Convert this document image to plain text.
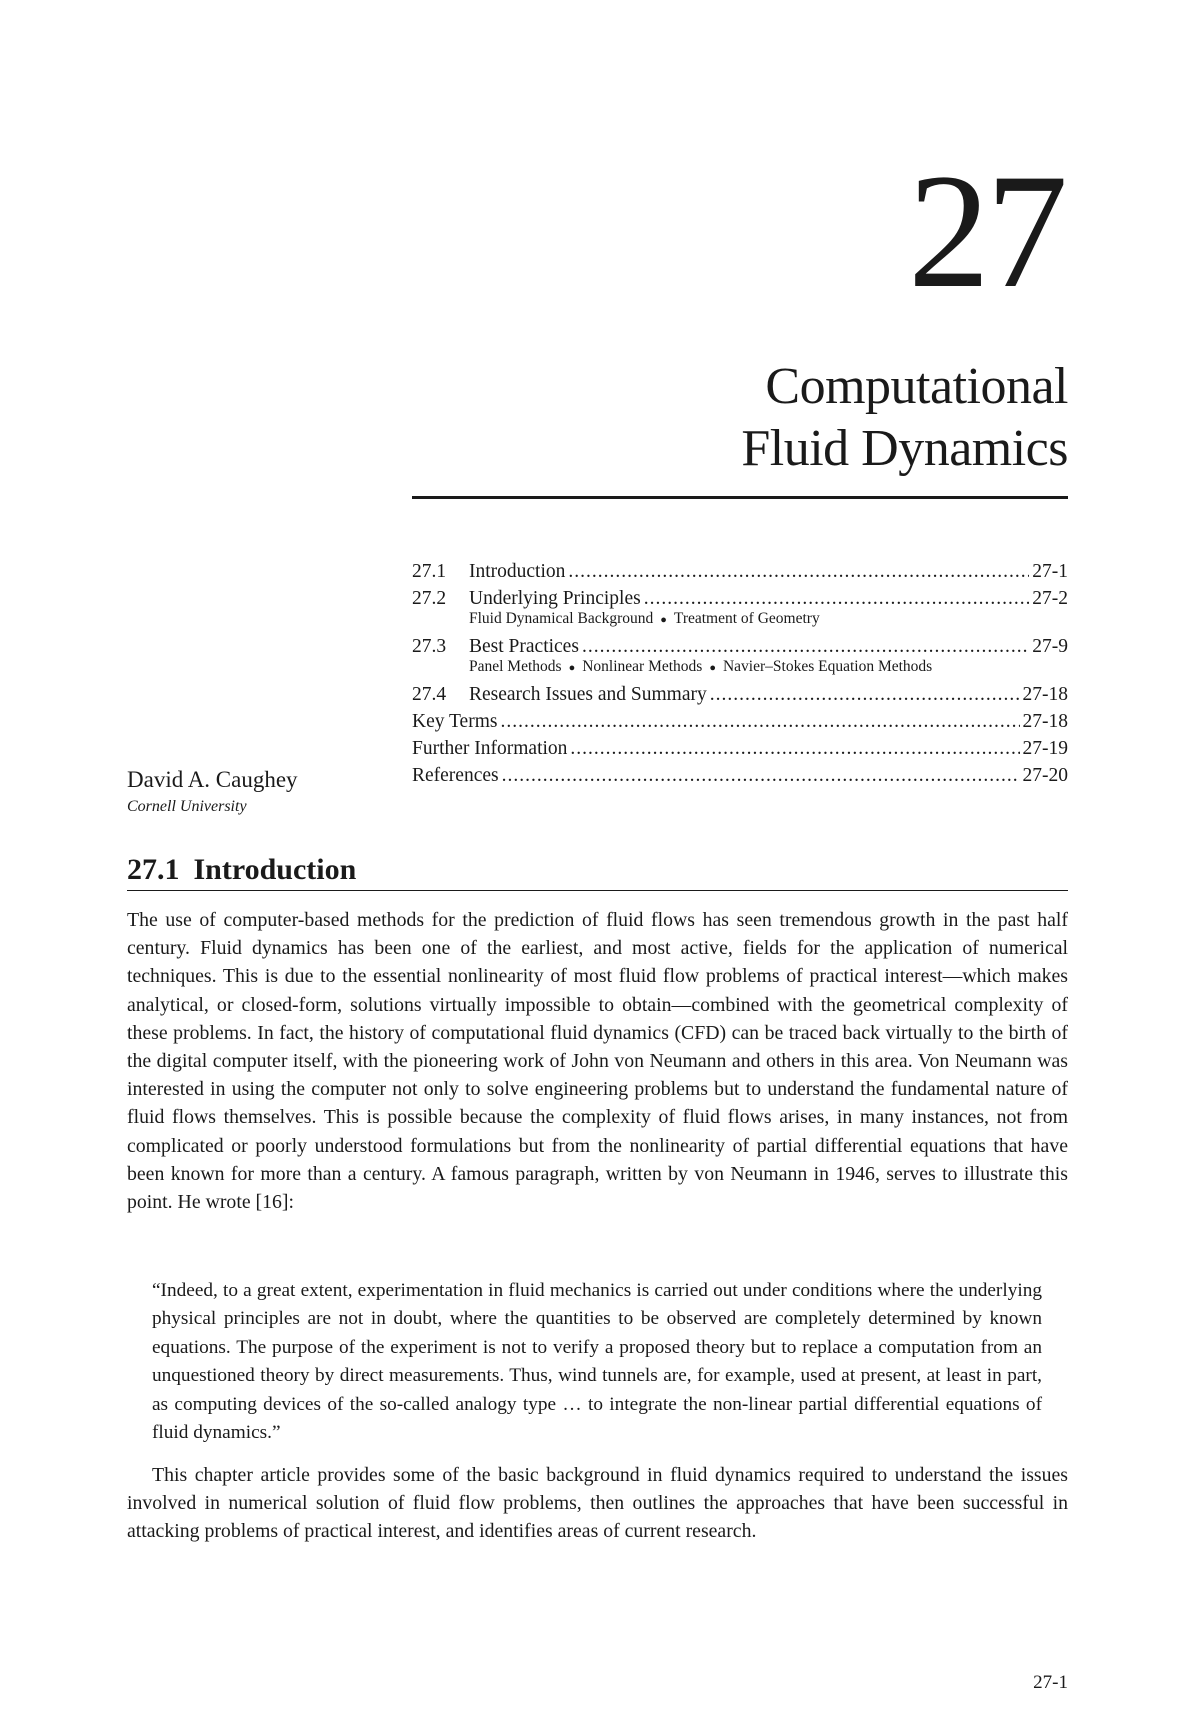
27
Computational
Fluid Dynamics
27.1	Introduction .....	27-1
27.2	Underlying Principles .....	27-2
Fluid Dynamical Background ● Treatment of Geometry
27.3	Best Practices .....	27-9
Panel Methods ● Nonlinear Methods ● Navier–Stokes Equation Methods
27.4	Research Issues and Summary .....	27-18
Key Terms .....	27-18
Further Information .....	27-19
References .....	27-20
David A. Caughey
Cornell University
27.1 Introduction

The use of computer-based methods for the prediction of fluid flows has seen tremendous growth in the past half century. Fluid dynamics has been one of the earliest, and most active, fields for the application of numerical techniques. This is due to the essential nonlinearity of most fluid flow problems of practical interest—which makes analytical, or closed-form, solutions virtually impossible to obtain—combined with the geometrical complexity of these problems. In fact, the history of computational fluid dynamics (CFD) can be traced back virtually to the birth of the digital computer itself, with the pioneering work of John von Neumann and others in this area. Von Neumann was interested in using the computer not only to solve engineering problems but to understand the fundamental nature of fluid flows themselves. This is possible because the complexity of fluid flows arises, in many instances, not from complicated or poorly understood formulations but from the nonlinearity of partial differential equations that have been known for more than a century. A famous paragraph, written by von Neumann in 1946, serves to illustrate this point. He wrote [16]:

“Indeed, to a great extent, experimentation in fluid mechanics is carried out under conditions where the underlying physical principles are not in doubt, where the quantities to be observed are completely determined by known equations. The purpose of the experiment is not to verify a proposed theory but to replace a computation from an unquestioned theory by direct measurements. Thus, wind tunnels are, for example, used at present, at least in part, as computing devices of the so-called analogy type … to integrate the non-linear partial differential equations of fluid dynamics.”

This chapter article provides some of the basic background in fluid dynamics required to understand the issues involved in numerical solution of fluid flow problems, then outlines the approaches that have been successful in attacking problems of practical interest, and identifies areas of current research.

27-1
